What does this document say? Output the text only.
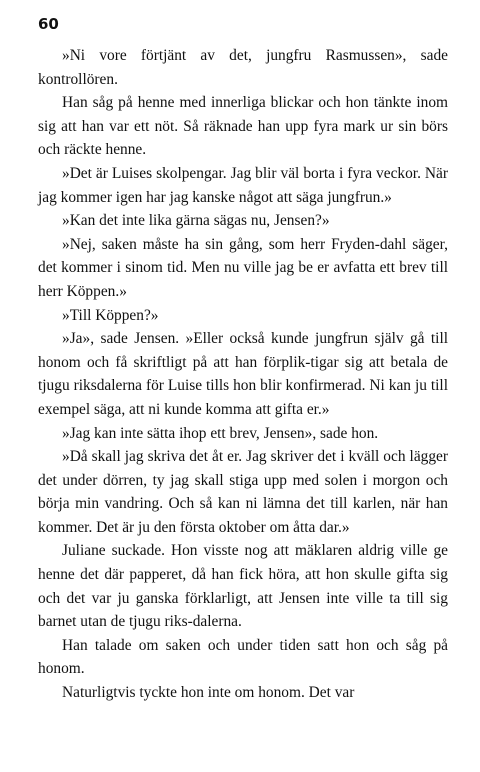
60

»Ni vore förtjänt av det, jungfru Rasmussen», sade kontrollören.

Han såg på henne med innerliga blickar och hon tänkte inom sig att han var ett nöt. Så räknade han upp fyra mark ur sin börs och räckte henne.

»Det är Luises skolpengar. Jag blir väl borta i fyra veckor. När jag kommer igen har jag kanske något att säga jungfrun.»

»Kan det inte lika gärna sägas nu, Jensen?»

»Nej, saken måste ha sin gång, som herr Fryden-dahl säger, det kommer i sinom tid. Men nu ville jag be er avfatta ett brev till herr Köppen.»

»Till Köppen?»

»Ja», sade Jensen. »Eller också kunde jungfrun själv gå till honom och få skriftligt på att han förplik-tigar sig att betala de tjugu riksdalerna för Luise tills hon blir konfirmerad. Ni kan ju till exempel säga, att ni kunde komma att gifta er.»

»Jag kan inte sätta ihop ett brev, Jensen», sade hon.

»Då skall jag skriva det åt er. Jag skriver det i kväll och lägger det under dörren, ty jag skall stiga upp med solen i morgon och börja min vandring. Och så kan ni lämna det till karlen, när han kommer. Det är ju den första oktober om åtta dar.»

Juliane suckade. Hon visste nog att mäklaren aldrig ville ge henne det där papperet, då han fick höra, att hon skulle gifta sig och det var ju ganska förklarligt, att Jensen inte ville ta till sig barnet utan de tjugu riks-dalerna.

Han talade om saken och under tiden satt hon och såg på honom.

Naturligtvis tyckte hon inte om honom. Det var
